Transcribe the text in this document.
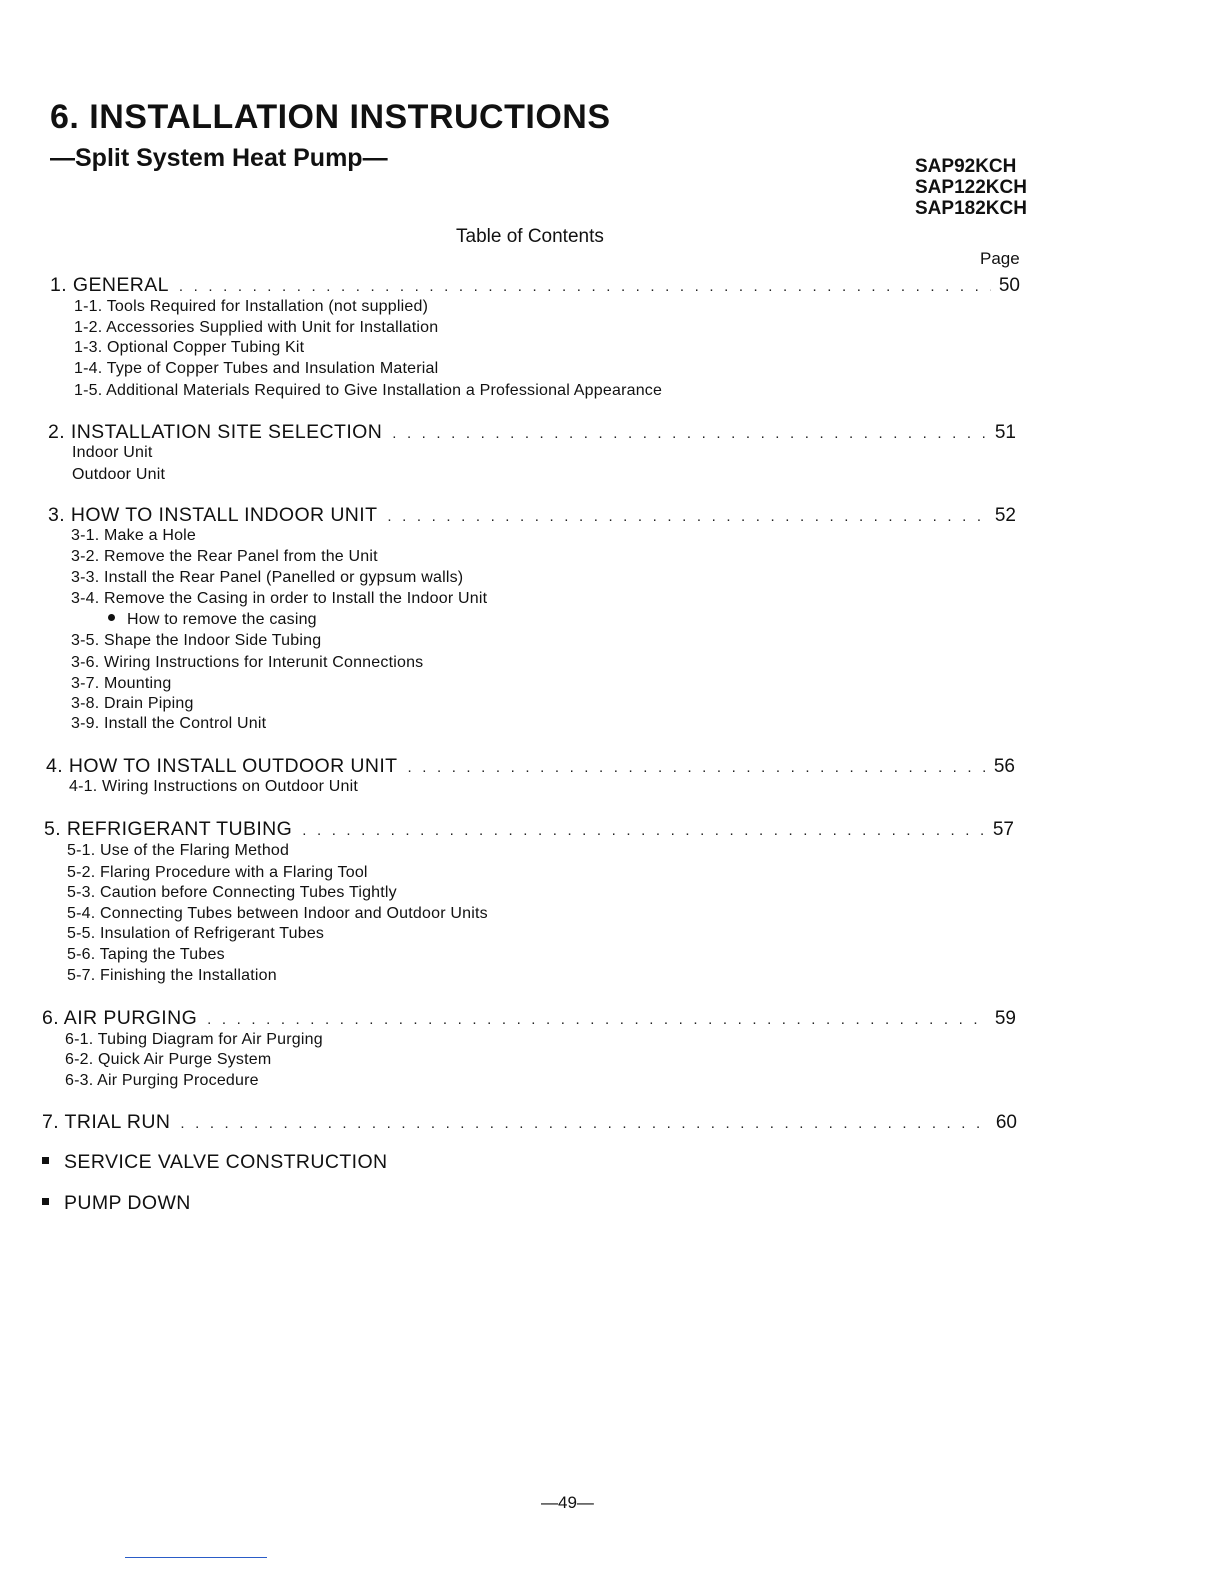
6. INSTALLATION INSTRUCTIONS
—Split System Heat Pump—	SAP92KCH
SAP122KCH
SAP182KCH
Table of Contents
Page
1. GENERAL . . .	50
1-1. Tools Required for Installation (not supplied)
1-2. Accessories Supplied with Unit for Installation
1-3. Optional Copper Tubing Kit
1-4. Type of Copper Tubes and Insulation Material
1-5. Additional Materials Required to Give Installation a Professional Appearance
2. INSTALLATION SITE SELECTION . . .	51
Indoor Unit
Outdoor Unit
3. HOW TO INSTALL INDOOR UNIT . . .	52
3-1. Make a Hole
3-2. Remove the Rear Panel from the Unit
3-3. Install the Rear Panel (Panelled or gypsum walls)
3-4. Remove the Casing in order to Install the Indoor Unit
How to remove the casing
3-5. Shape the Indoor Side Tubing
3-6. Wiring Instructions for Interunit Connections
3-7. Mounting
3-8. Drain Piping
3-9. Install the Control Unit
4. HOW TO INSTALL OUTDOOR UNIT . . .	56
4-1. Wiring Instructions on Outdoor Unit
5. REFRIGERANT TUBING . . .	57
5-1. Use of the Flaring Method
5-2. Flaring Procedure with a Flaring Tool
5-3. Caution before Connecting Tubes Tightly
5-4. Connecting Tubes between Indoor and Outdoor Units
5-5. Insulation of Refrigerant Tubes
5-6. Taping the Tubes
5-7. Finishing the Installation
6. AIR PURGING . . .	59
6-1. Tubing Diagram for Air Purging
6-2. Quick Air Purge System
6-3. Air Purging Procedure
7. TRIAL RUN . . .	60
SERVICE VALVE CONSTRUCTION
PUMP DOWN
—49—
